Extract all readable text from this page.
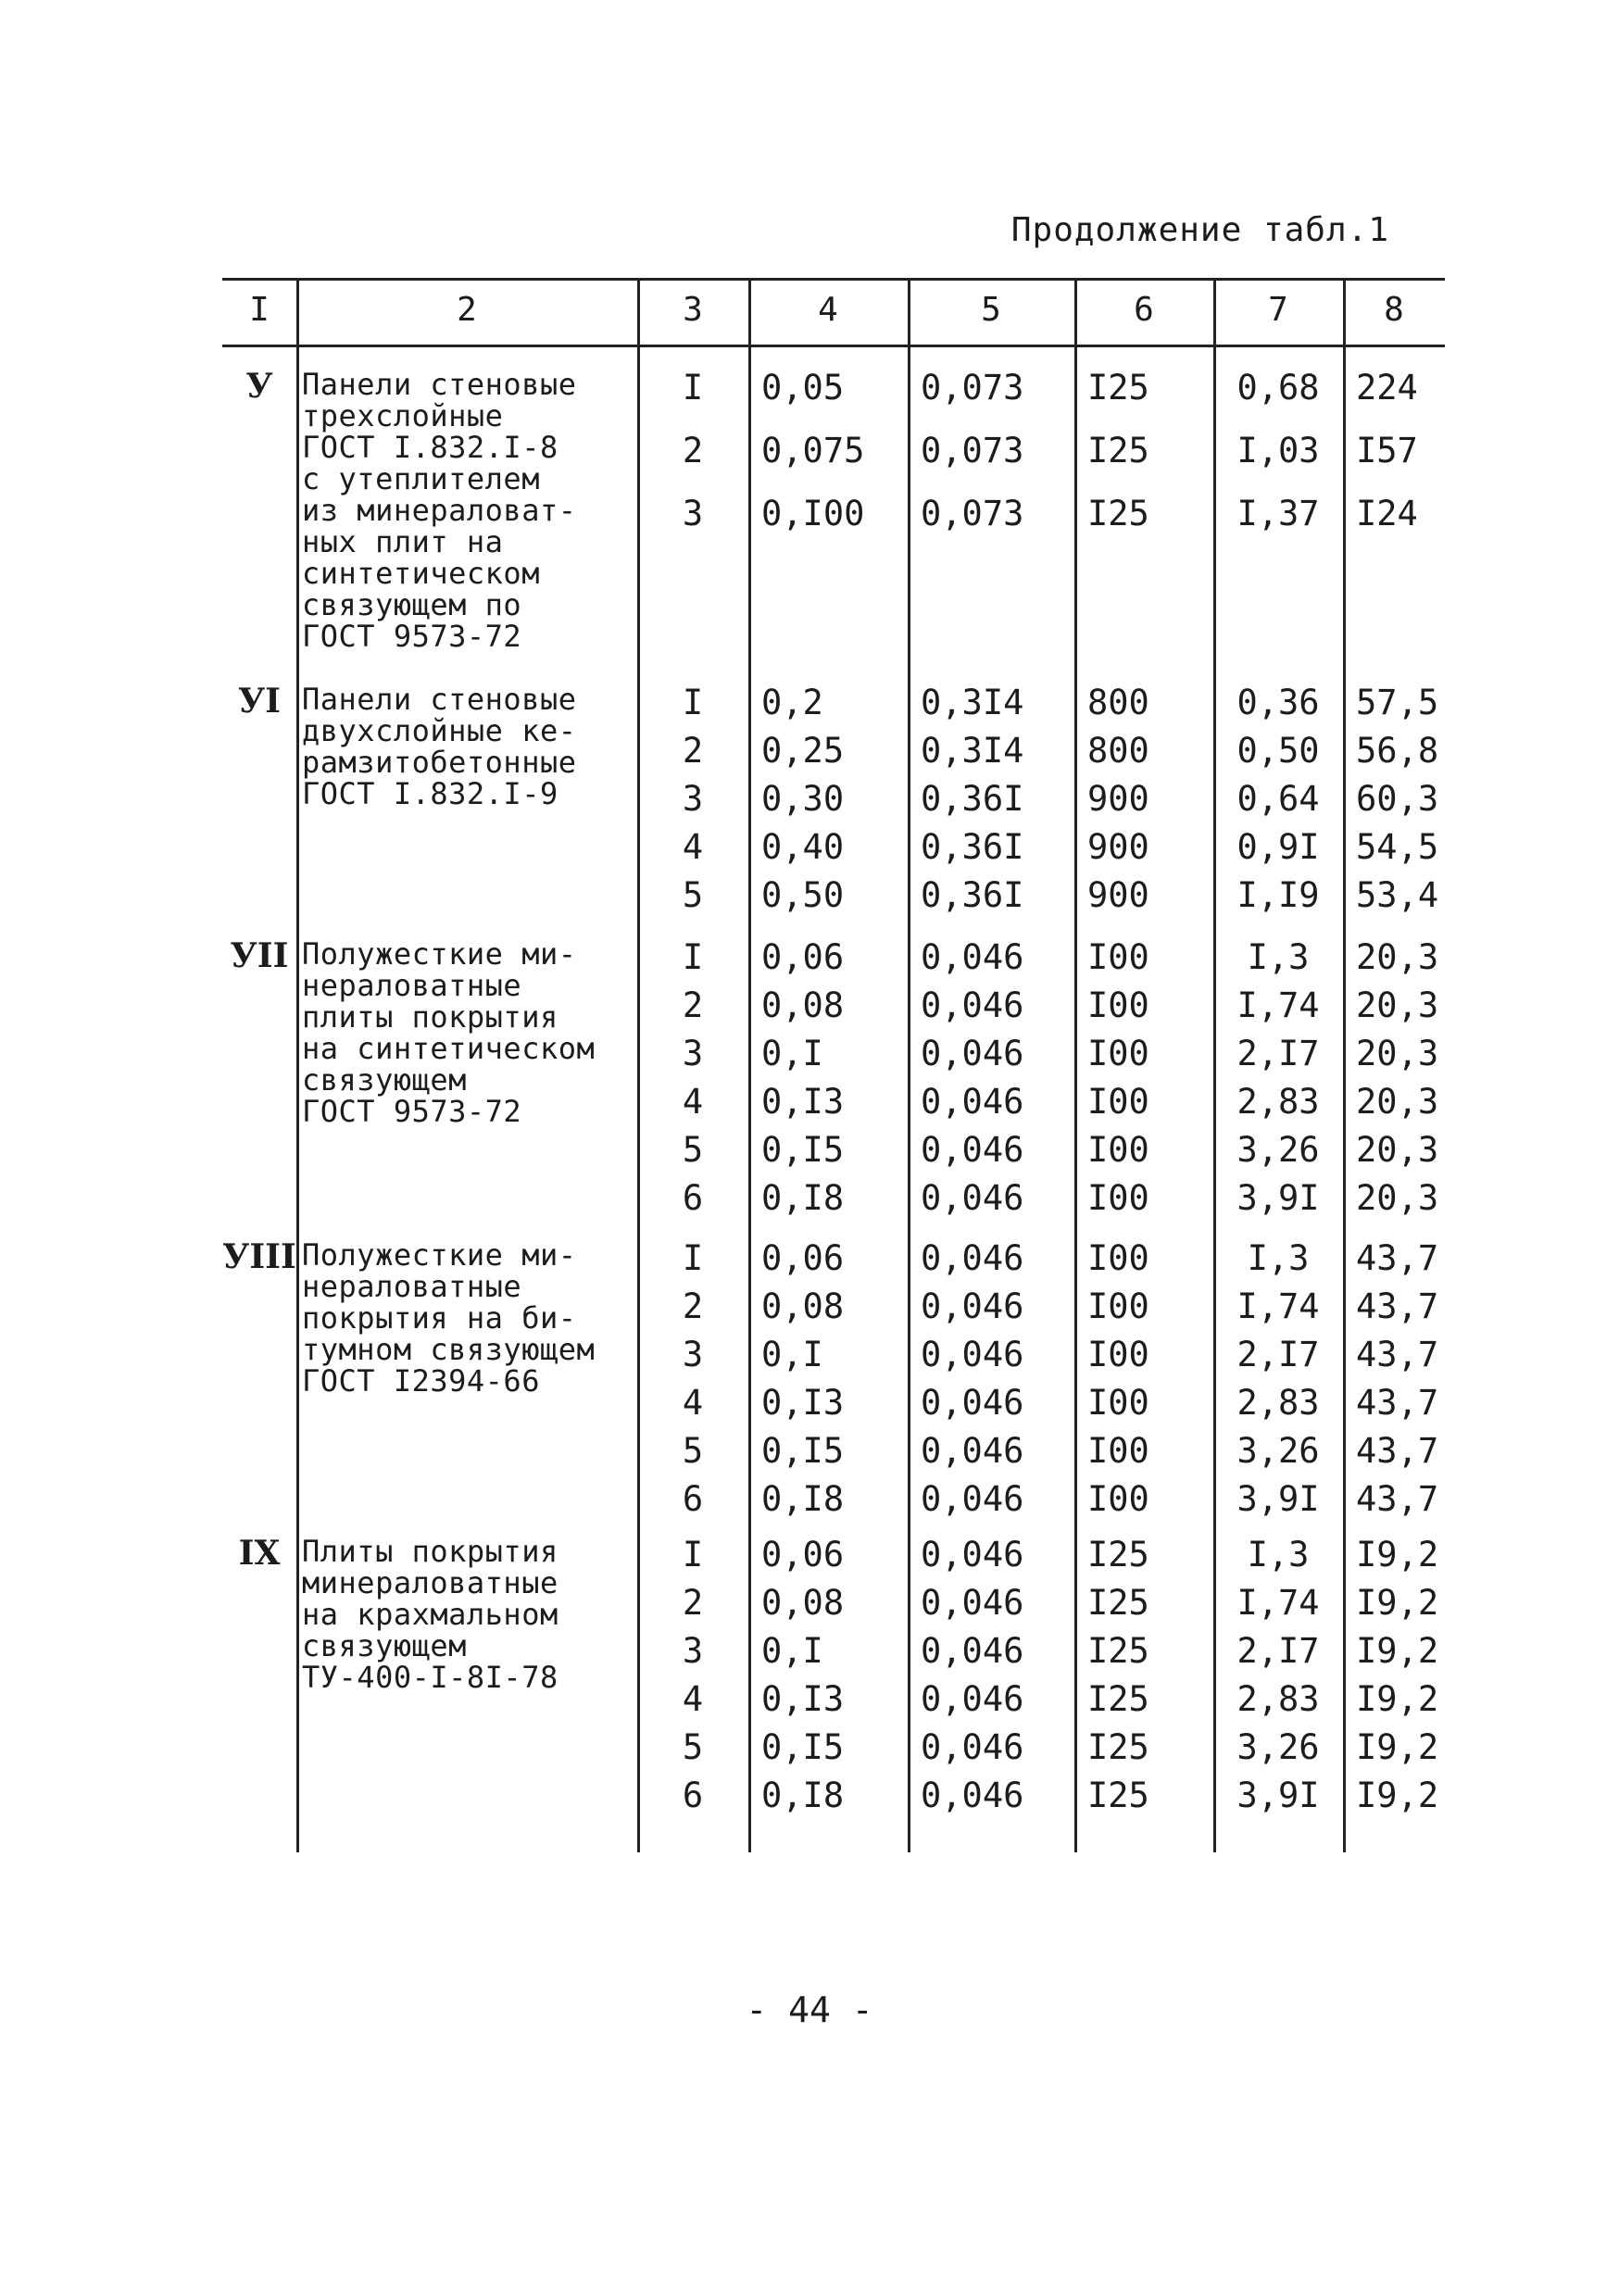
Продолжение табл.1
I	2	3	4	5	6	7	8
У Панели стеновые
трехслойные
ГОСТ I.832.I-8
с утеплителем
из минераловат-
ных плит на
синтетическом
связующем по
ГОСТ 9573-72
I	0,05 0,073 I25	0,68	224
2	0,075 0,073 I25	I,03	I57
3	0,I00 0,073 I25	I,37	I24
УI Панели стеновые
двухслойные ке-
рамзитобетонные
ГОСТ I.832.I-9
I	0,2	0,3I4 800	0,36	57,5
2	0,25 0,3I4 800	0,50	56,8
3	0,30 0,36I 900	0,64	60,3
4	0,40 0,36I 900	0,9I	54,5
5	0,50 0,36I 900	I,I9	53,4
УII Полужесткие ми-
нераловатные
плиты покрытия
на синтетическом
связующем
ГОСТ 9573-72
I	0,06 0,046 I00	I,3	20,3
2	0,08 0,046 I00	I,74	20,3
3	0,I	0,046 I00	2,I7	20,3
4	0,I3 0,046 I00	2,83	20,3
5	0,I5 0,046 I00	3,26	20,3
6	0,I8 0,046 I00	3,9I	20,3
УIII Полужесткие ми-
нераловатные
покрытия на би-
тумном связующем
ГОСТ I2394-66
I	0,06 0,046 I00	I,3	43,7
2	0,08 0,046 I00	I,74	43,7
3	0,I	0,046 I00	2,I7	43,7
4	0,I3 0,046 I00	2,83	43,7
5	0,I5 0,046 I00	3,26	43,7
6	0,I8 0,046 I00	3,9I	43,7
IХ Плиты покрытия
минераловатные
на крахмальном
связующем
ТУ-400-I-8I-78
I	0,06 0,046 I25	I,3	I9,2
2	0,08 0,046 I25	I,74	I9,2
3	0,I	0,046 I25	2,I7	I9,2
4	0,I3 0,046 I25	2,83	I9,2
5	0,I5 0,046 I25	3,26	I9,2
6	0,I8 0,046 I25	3,9I	I9,2
- 44 -
